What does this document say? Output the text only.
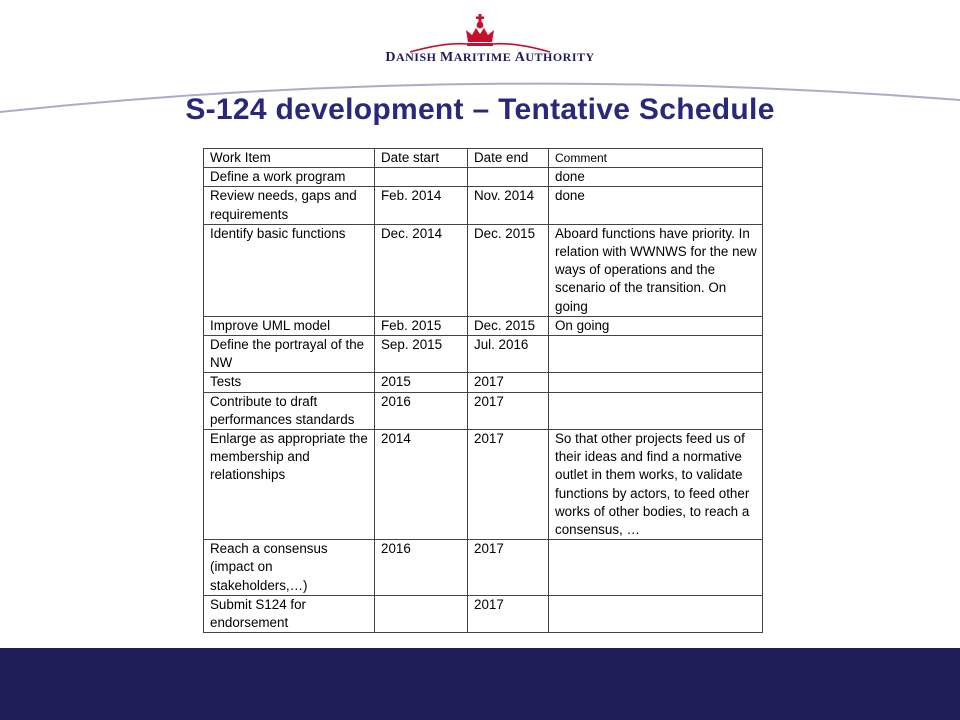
DANISH MARITIME AUTHORITY
S-124 development – Tentative Schedule
Work Item	Date start	Date end	Comment
Define a work program			done
Review needs, gaps and requirements	Feb. 2014	Nov. 2014	done
Identify basic functions	Dec. 2014	Dec. 2015	Aboard functions have priority. In relation with WWNWS for the new ways of operations and the scenario of the transition. On going
Improve UML model	Feb. 2015	Dec. 2015	On going
Define the portrayal of the NW	Sep. 2015	Jul. 2016	
Tests	2015	2017	
Contribute to draft performances standards	2016	2017	
Enlarge as appropriate the membership and relationships	2014	2017	So that other projects feed us of their ideas and find a normative outlet in them works, to validate functions by actors, to feed other works of other bodies, to reach a consensus, …
Reach a consensus (impact on stakeholders,…)	2016	2017	
Submit S124 for endorsement		2017	
